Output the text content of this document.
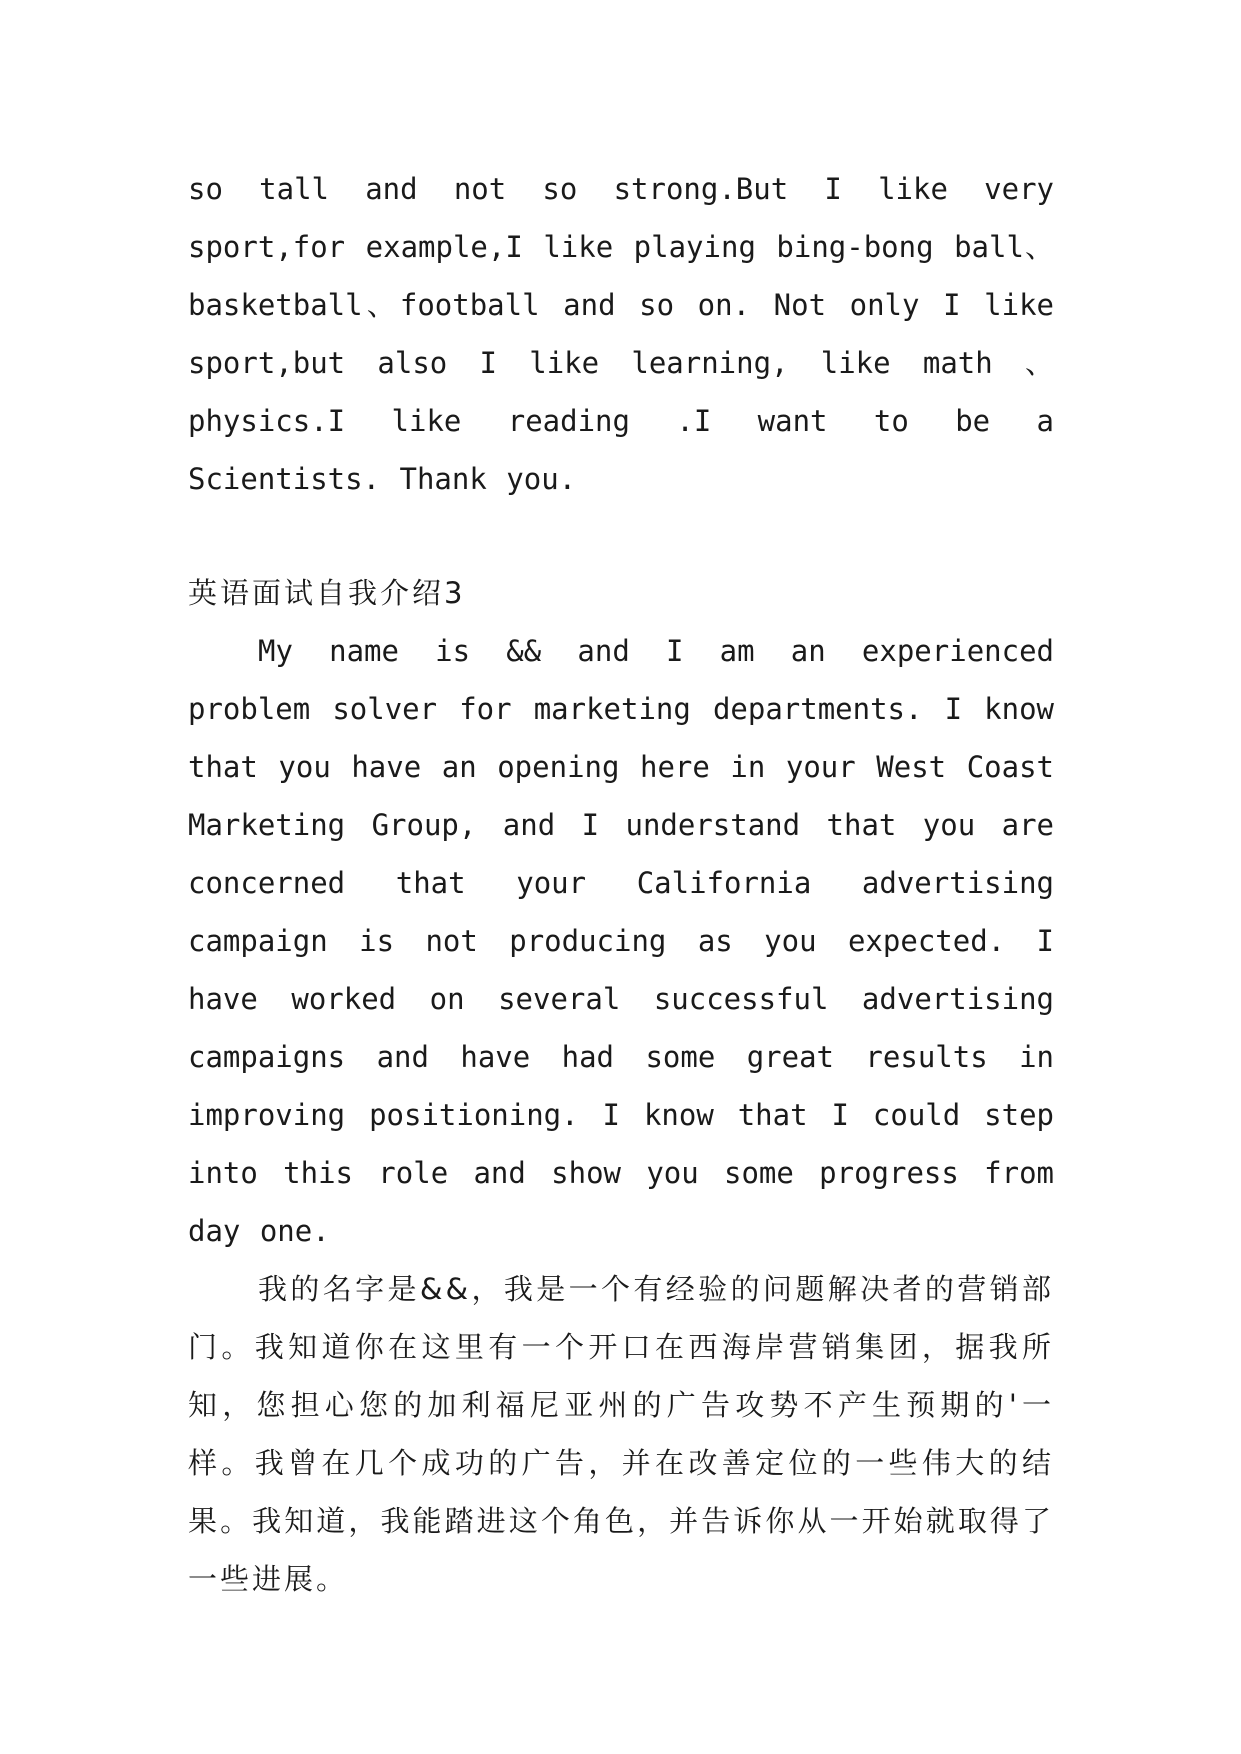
so tall and not so strong.But I like very sport,for example,I like playing bing-bong ball、basketball、football and so on. Not only I like sport,but also I like learning, like math 、 physics.I like reading .I want to be a Scientists. Thank you.

英语面试自我介绍3

My name is && and I am an experienced problem solver for marketing departments. I know that you have an opening here in your West Coast Marketing Group, and I understand that you are concerned that your California advertising campaign is not producing as you expected. I have worked on several successful advertising campaigns and have had some great results in improving positioning. I know that I could step into this role and show you some progress from day one.

我的名字是&&，我是一个有经验的问题解决者的营销部门。我知道你在这里有一个开口在西海岸营销集团，据我所知，您担心您的加利福尼亚州的广告攻势不产生预期的'一样。我曾在几个成功的广告，并在改善定位的一些伟大的结果。我知道，我能踏进这个角色，并告诉你从一开始就取得了一些进展。
